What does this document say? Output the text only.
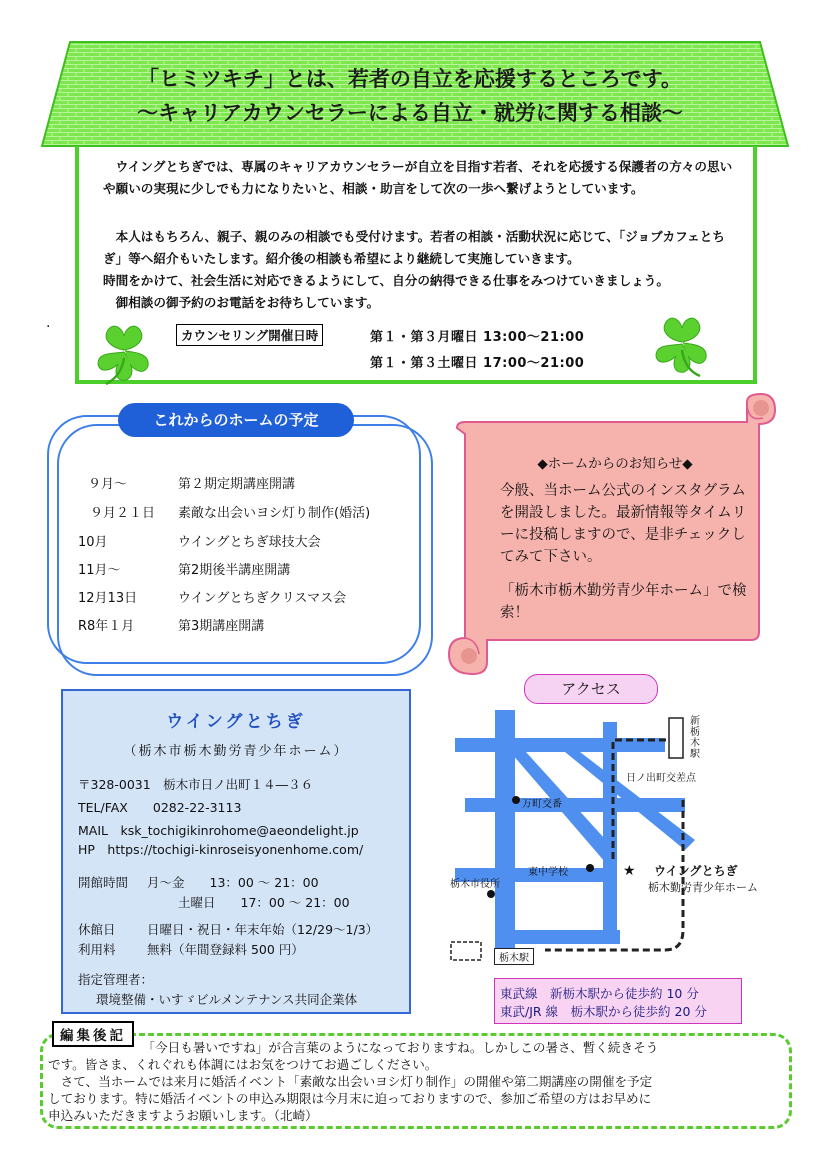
「ヒミツキチ」とは、若者の自立を応援するところです。
～キャリアカウンセラーによる自立・就労に関する相談～
　ウイングとちぎでは、専属のキャリアカウンセラーが自立を目指す若者、それを応援する保護者の方々の思いや願いの実現に少しでも力になりたいと、相談・助言をして次の一歩へ繋げようとしています。
　本人はもちろん、親子、親のみの相談でも受付けます。若者の相談・活動状況に応じて、「ジョブカフェとちぎ」等へ紹介もいたします。紹介後の相談も希望により継続して実施していきます。
時間をかけて、社会生活に対応できるようにして、自分の納得できる仕事をみつけていきましょう。
　御相談の御予約のお電話をお待ちしています。
.
カウンセリング開催日時	第１・第３月曜日 13:00～21:00
第１・第３土曜日 17:00～21:00
これからのホームの予定
９月～	第２期定期講座開講
９月２１日 素敵な出会いヨシ灯り制作(婚活)
10月	ウイングとちぎ球技大会
11月～	第2期後半講座開講
12月13日	ウイングとちぎクリスマス会
R8年１月	第3期講座開講
◆ホームからのお知らせ◆
今般、当ホーム公式のインスタグラムを開設しました。最新情報等タイムリーに投稿しますので、是非チェックしてみて下さい。
「栃木市栃木勤労青少年ホーム」で検索！
ウイングとちぎ
（栃木市栃木勤労青少年ホーム）
〒328-0031　栃木市日ノ出町１４―３６
TEL/FAX　　0282-22-3113
MAIL　ksk_tochigikinrohome@aeondelight.jp
HP　https://tochigi-kinroseisyonenhome.com/
開館時間 月～金　　13：00 ～ 21：00
土曜日　　17：00 ～ 21：00
休館日	日曜日・祝日・年末年始（12/29～1/3）
利用料	無料（年間登録料 500 円）
指定管理者：
環境整備・いすゞビルメンテナンス共同企業体
アクセス
★
新栃木駅
栃木駅
日ノ出町交差点
万町交番
東中学校
栃木市役所
ウイングとちぎ
栃木勤労青少年ホーム
東武線　新栃木駅から徒歩約 10 分
東武/JR 線　栃木駅から徒歩約 20 分
編集後記
　　　　　　　　「今日も暑いですね」が合言葉のようになっておりますね。しかしこの暑さ、暫く続きそう
です。皆さま、くれぐれも体調にはお気をつけてお過ごしください。
　さて、当ホームでは来月に婚活イベント「素敵な出会いヨシ灯り制作」の開催や第二期講座の開催を予定
しております。特に婚活イベントの申込み期限は今月末に迫っておりますので、参加ご希望の方はお早めに
申込みいただきますようお願いします。（北崎）
